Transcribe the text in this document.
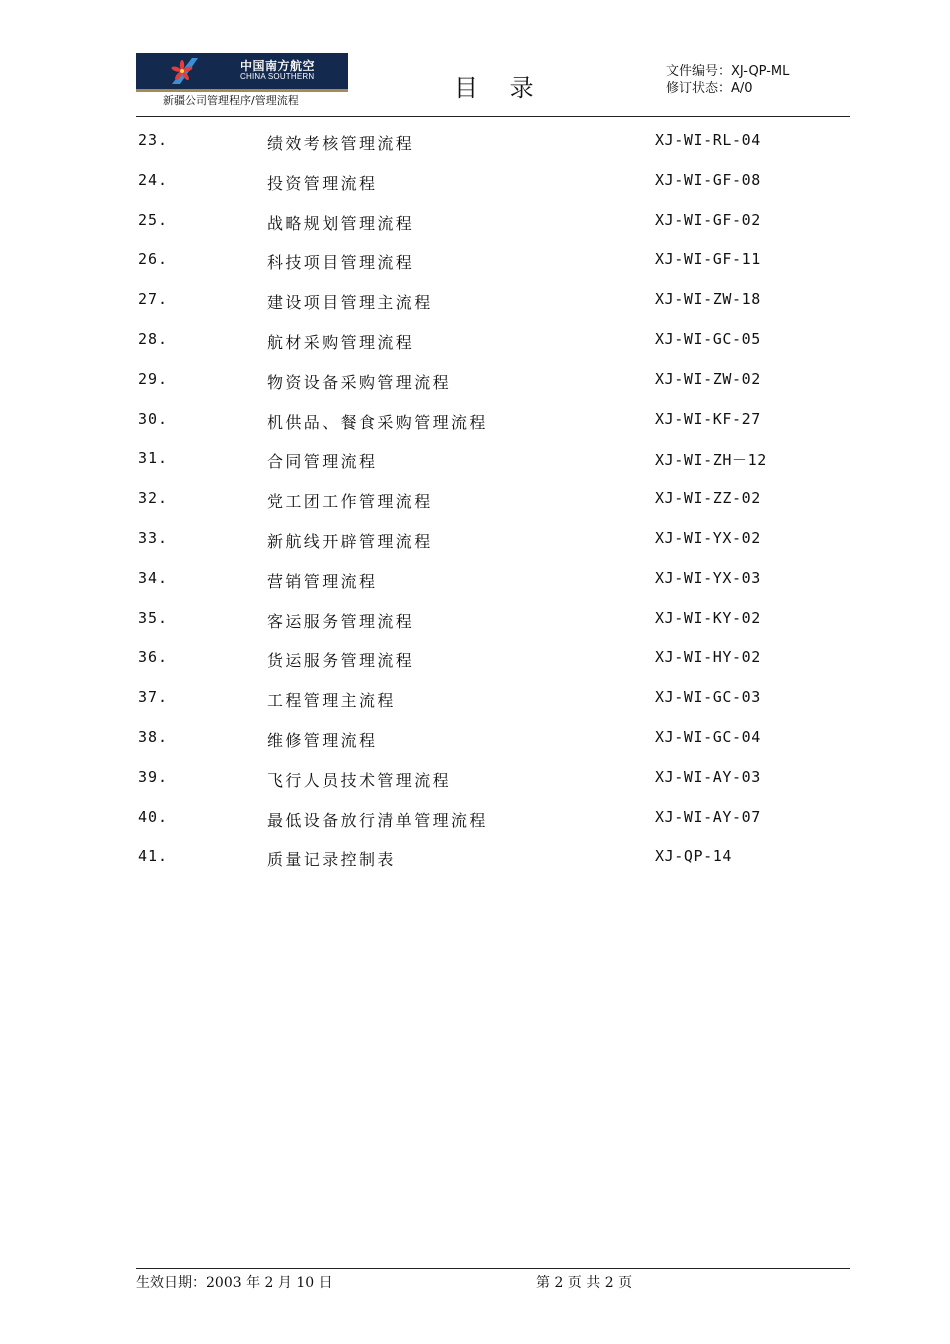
中国南方航空
CHINA SOUTHERN
新疆公司管理程序/管理流程	目 录
文件编号：XJ-QP-ML
修订状态：A/0
23.	绩效考核管理流程	XJ-WI-RL-04
24.	投资管理流程	XJ-WI-GF-08
25.	战略规划管理流程	XJ-WI-GF-02
26.	科技项目管理流程	XJ-WI-GF-11
27.	建设项目管理主流程	XJ-WI-ZW-18
28.	航材采购管理流程	XJ-WI-GC-05
29.	物资设备采购管理流程	XJ-WI-ZW-02
30.	机供品、餐食采购管理流程	XJ-WI-KF-27
31.	合同管理流程	XJ-WI-ZH－12
32.	党工团工作管理流程	XJ-WI-ZZ-02
33.	新航线开辟管理流程	XJ-WI-YX-02
34.	营销管理流程	XJ-WI-YX-03
35.	客运服务管理流程	XJ-WI-KY-02
36.	货运服务管理流程	XJ-WI-HY-02
37.	工程管理主流程	XJ-WI-GC-03
38.	维修管理流程	XJ-WI-GC-04
39.	飞行人员技术管理流程	XJ-WI-AY-03
40.	最低设备放行清单管理流程	XJ-WI-AY-07
41.	质量记录控制表	XJ-QP-14
生效日期：2003 年 2 月 10 日	第 2 页 共 2 页
